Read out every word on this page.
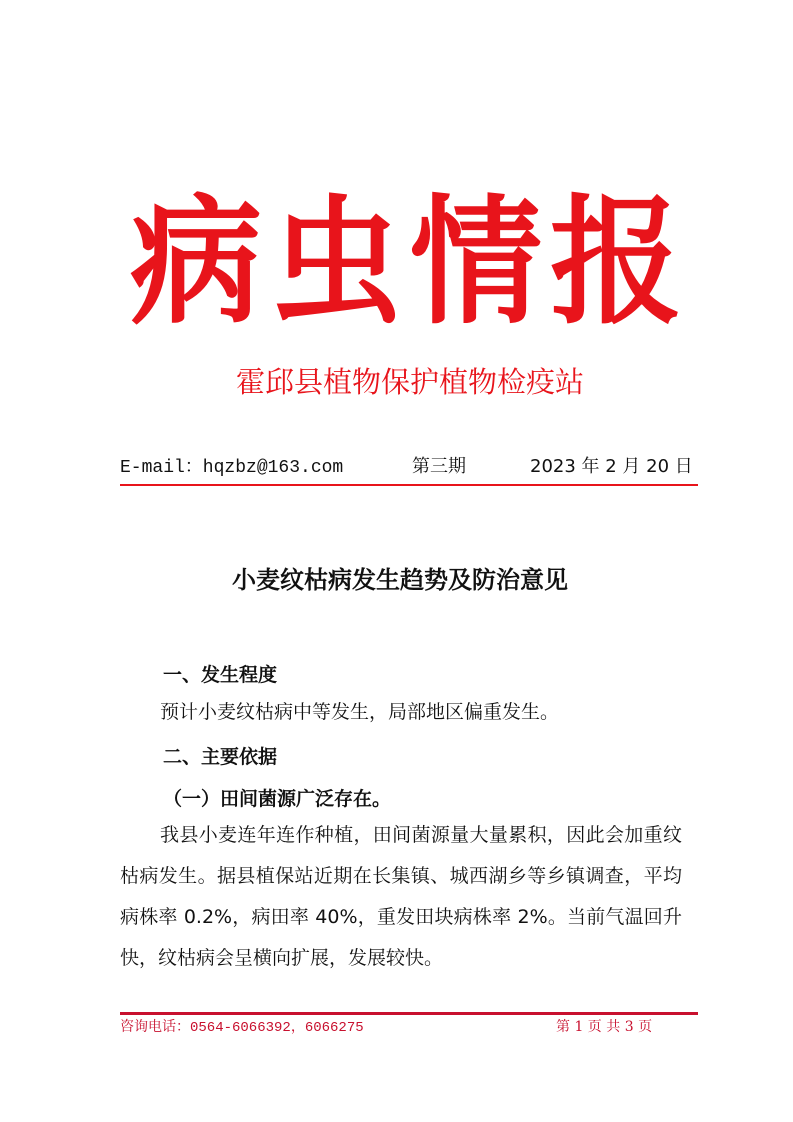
病虫情报
霍邱县植物保护植物检疫站
E-mail：hqzbz@163.com	第三期	2023 年 2 月 20 日
小麦纹枯病发生趋势及防治意见
一、发生程度
预计小麦纹枯病中等发生，局部地区偏重发生。
二、主要依据
（一）田间菌源广泛存在。
我县小麦连年连作种植，田间菌源量大量累积，因此会加重纹枯病发生。据县植保站近期在长集镇、城西湖乡等乡镇调查，平均病株率 0.2%，病田率 40%，重发田块病株率 2%。当前气温回升快，纹枯病会呈横向扩展，发展较快。
咨询电话：0564-6066392，6066275	第 1 页 共 3 页
